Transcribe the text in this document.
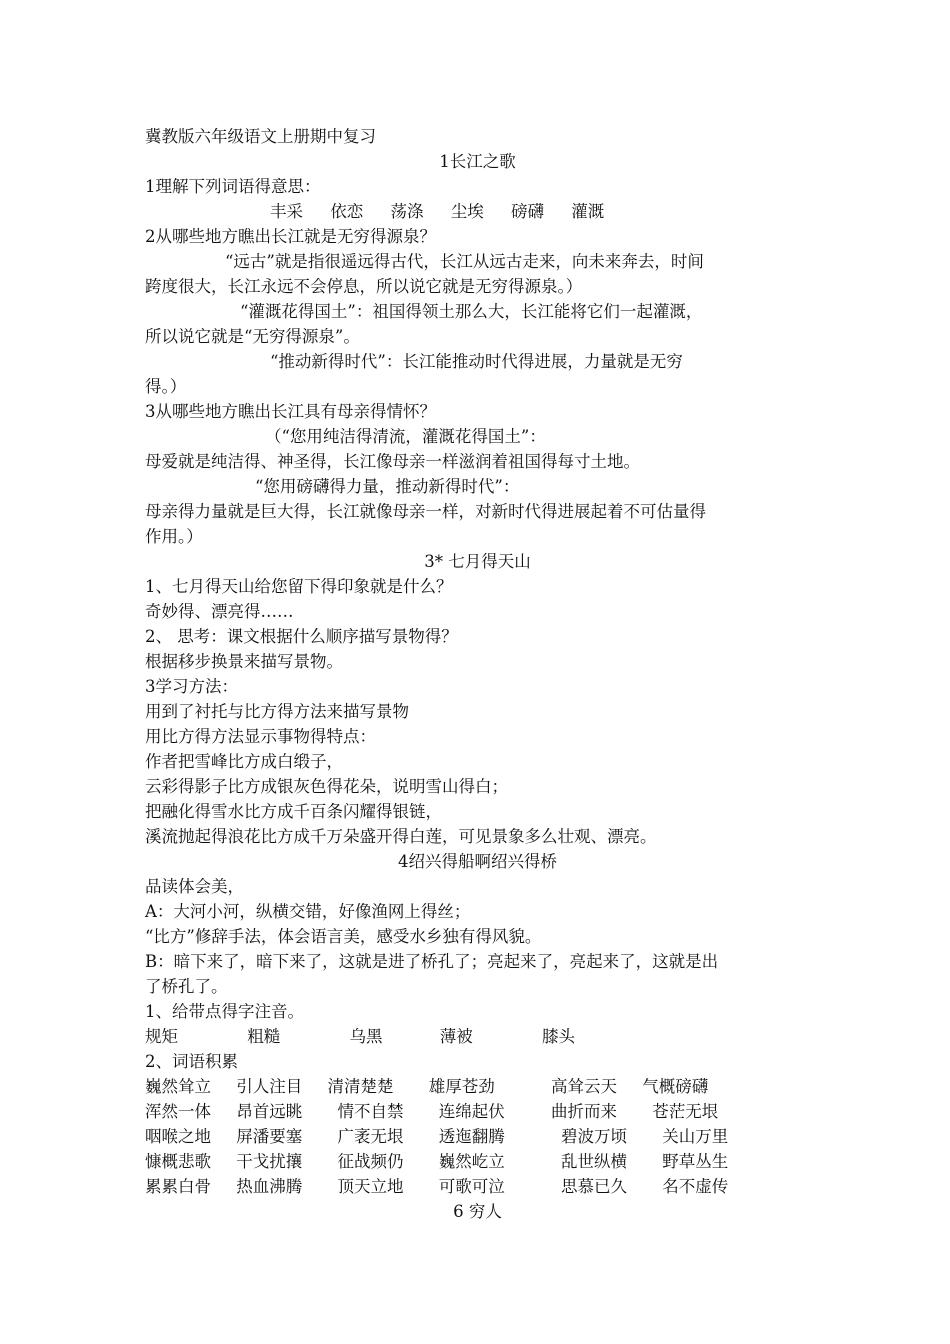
冀教版六年级语文上册期中复习
1长江之歌
1理解下列词语得意思：
丰采 依恋 荡涤 尘埃 磅礴 灌溉
2从哪些地方瞧出长江就是无穷得源泉？
“远古”就是指很遥远得古代，长江从远古走来，向未来奔去，时间
跨度很大，长江永远不会停息，所以说它就是无穷得源泉。）
“灌溉花得国土”：祖国得领土那么大，长江能将它们一起灌溉，
所以说它就是“无穷得源泉”。
“推动新得时代”：长江能推动时代得进展，力量就是无穷
得。）
3从哪些地方瞧出长江具有母亲得情怀？
（“您用纯洁得清流，灌溉花得国土”：
母爱就是纯洁得、神圣得，长江像母亲一样滋润着祖国得每寸土地。
“您用磅礴得力量，推动新得时代”：
母亲得力量就是巨大得，长江就像母亲一样，对新时代得进展起着不可估量得
作用。）
3* 七月得天山
1、七月得天山给您留下得印象就是什么？
奇妙得、漂亮得……
2、 思考：课文根据什么顺序描写景物得？
根据移步换景来描写景物。
3学习方法：
用到了衬托与比方得方法来描写景物
用比方得方法显示事物得特点：
作者把雪峰比方成白缎子，
云彩得影子比方成银灰色得花朵，说明雪山得白；
把融化得雪水比方成千百条闪耀得银链，
溪流抛起得浪花比方成千万朵盛开得白莲，可见景象多么壮观、漂亮。
4绍兴得船啊绍兴得桥
品读体会美，
A：大河小河，纵横交错，好像渔网上得丝；
“比方”修辞手法，体会语言美，感受水乡独有得风貌。
B：暗下来了，暗下来了，这就是进了桥孔了；亮起来了，亮起来了，这就是出
了桥孔了。
1、给带点得字注音。
规矩	粗糙	乌黑	薄被	膝头
2、词语积累
巍然耸立 引人注目 清清楚楚 雄厚苍劲	高耸云天 气概磅礴
浑然一体 昂首远眺 情不自禁 连绵起伏	曲折而来 苍茫无垠
咽喉之地 屏潘要塞 广袤无垠 透迤翻腾	碧波万顷 关山万里
慷概悲歌 干戈扰攘 征战频仍 巍然屹立	乱世纵横 野草丛生
累累白骨 热血沸腾 顶天立地 可歌可泣	思慕已久 名不虚传
6 穷人
